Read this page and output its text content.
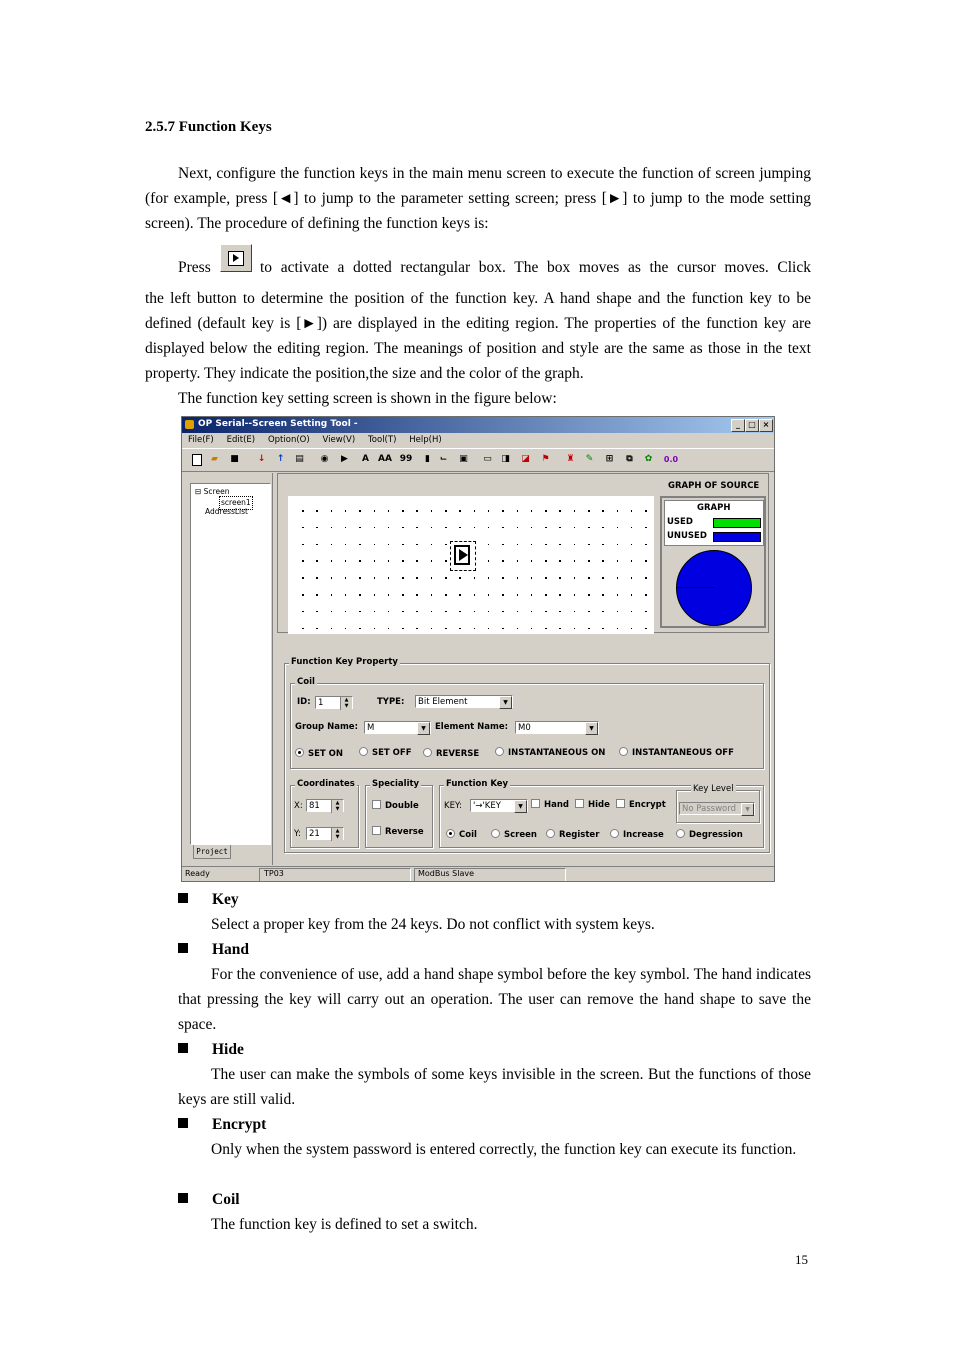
2.5.7 Function Keys

Next, configure the function keys in the main menu screen to execute the function of screen jumping (for example, press [◄] to jump to the parameter setting screen; press [►] to jump to the mode setting screen). The procedure of defining the function keys is:

Press	to activate a dotted rectangular box. The box moves as the cursor moves. Click

the left button to determine the position of the function key. A hand shape and the function key to be defined (default key is [►]) are displayed in the editing region. The properties of the function key are displayed below the editing region. The meanings of position and style are the same as those in the text property. They indicate the position,the size and the color of the graph.

The function key setting screen is shown in the figure below:
OP Serial--Screen Setting Tool -	_	□ ×
File(F) Edit(E) Option(O) View(V) Tool(T) Help(H)
▰ ■ ↓ ↑ ▤ ◉ ▶ A AA 99	▮	⌙ ▣ ▭ ◨ ◪ ⚑ ♜ ✎ ⊞ ⧉ ✿ 0.0
⊟ Screen
screen1
AddressList
Project
GRAPH OF SOURCE
GRAPH
USED
UNUSED
Function Key Property
Coil
ID: 1	▲
▼	TYPE:	Bit Element	▼
Group Name:	M	▼	Element Name:	M0	▼
SET ON	SET OFF	REVERSE	INSTANTANEOUS ON	INSTANTANEOUS OFF
Coordinates
X: 81	▲
▼
Y: 21	▲
▼
Speciality
Double
Reverse
Function Key
KEY:	'→'KEY	▼	Hand	Hide	Encrypt
Key Level
No Password	▼
Coil	Screen	Register	Increase	Degression
Ready	TP03	ModBus Slave
Key

Select a proper key from the 24 keys. Do not conflict with system keys.

Hand

For the convenience of use, add a hand shape symbol before the key symbol. The hand indicates that pressing the key will carry out an operation. The user can remove the hand shape to save the space.

Hide

The user can make the symbols of some keys invisible in the screen. But the functions of those keys are still valid.

Encrypt

Only when the system password is entered correctly, the function key can execute its function.

Coil

The function key is defined to set a switch.

15
